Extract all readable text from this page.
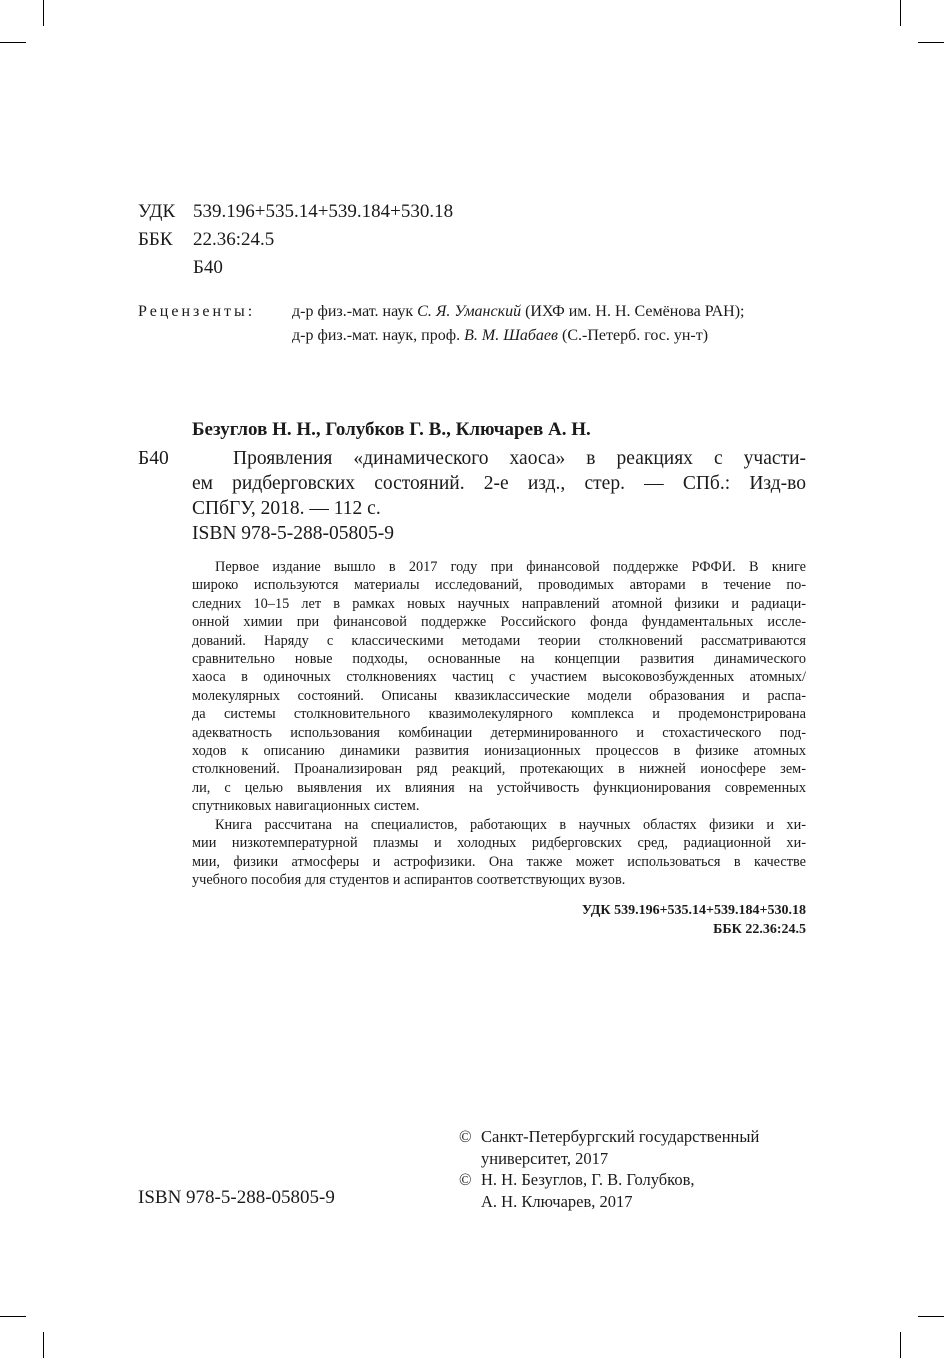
УДК 539.196+535.14+539.184+530.18
ББК 22.36:24.5
Б40
Рецензенты: д-р физ.-мат. наук С. Я. Уманский (ИХФ им. Н. Н. Семёнова РАН);
д-р физ.-мат. наук, проф. В. М. Шабаев (С.-Петерб. гос. ун-т)
Безуглов Н. Н., Голубков Г. В., Ключарев А. Н.
Б40	Проявления «динамического хаоса» в реакциях с участи-
ем ридберговских состояний. 2-е изд., стер. — СПб.: Изд-во
СПбГУ, 2018. — 112 с.
ISBN 978-5-288-05805-9
Первое издание вышло в 2017 году при финансовой поддержке РФФИ. В книге
широко используются материалы исследований, проводимых авторами в течение по-
следних 10–15 лет в рамках новых научных направлений атомной физики и радиаци-
онной химии при финансовой поддержке Российского фонда фундаментальных иссле-
дований. Наряду с классическими методами теории столкновений рассматриваются
сравнительно новые подходы, основанные на концепции развития динамического
хаоса в одиночных столкновениях частиц с участием высоковозбужденных атомных/
молекулярных состояний. Описаны квазиклассические модели образования и распа-
да системы столкновительного квазимолекулярного комплекса и продемонстрирована
адекватность использования комбинации детерминированного и стохастического под-
ходов к описанию динамики развития ионизационных процессов в физике атомных
столкновений. Проанализирован ряд реакций, протекающих в нижней ионосфере зем-
ли, с целью выявления их влияния на устойчивость функционирования современных
спутниковых навигационных систем.
Книга рассчитана на специалистов, работающих в научных областях физики и хи-
мии низкотемпературной плазмы и холодных ридберговских сред, радиационной хи-
мии, физики атмосферы и астрофизики. Она также может использоваться в качестве
учебного пособия для студентов и аспирантов соответствующих вузов.
УДК 539.196+535.14+539.184+530.18
ББК 22.36:24.5
ISBN 978-5-288-05805-9
© Санкт-Петербургский государственный
университет, 2017
© Н. Н. Безуглов, Г. В. Голубков,
А. Н. Ключарев, 2017
